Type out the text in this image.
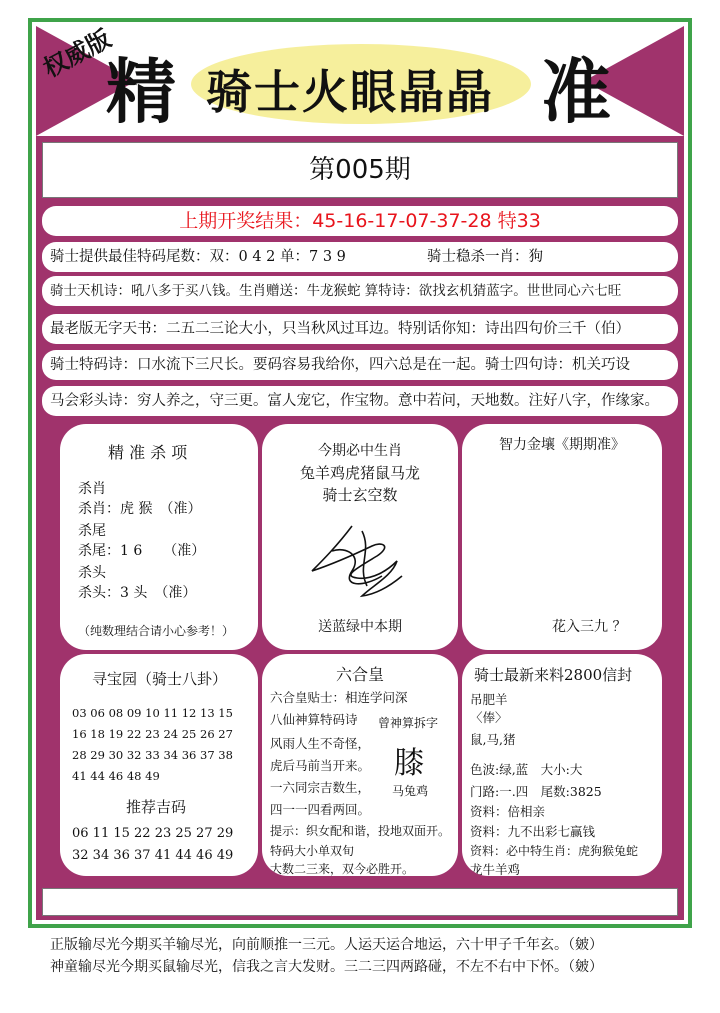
权威版
精 骑士火眼晶晶 准
第005期
上期开奖结果：45-16-17-07-37-28 特33
骑士提供最佳特码尾数：双：0 4 2 单：7 3 9	骑士稳杀一肖：狗
骑士天机诗：吼八多于买八钱。生肖赠送：牛龙猴蛇 算特诗：欲找玄机猜蓝字。世世同心六七旺
最老版无字天书：二五二三论大小，只当秋风过耳边。特别话你知：诗出四句价三千（伯）
骑士特码诗：口水流下三尺长。要码容易我给你，四六总是在一起。骑士四句诗：机关巧设
马会彩头诗：穷人养之，守三更。富人宠它，作宝物。意中若问，天地数。注好八字，作缘家。
精 准 杀 项
杀肖
杀肖：虎 猴　（准）
杀尾
杀尾：1 6　　（准）
杀头
杀头：3 头　（准）
（纯数理结合请小心参考！）
今期必中生肖
兔羊鸡虎猪鼠马龙
骑士玄空数
送蓝绿中本期
智力金壤《期期准》
花入三九 ？
寻宝园（骑士八卦）
03 06 08 09 10 11 12 13 15
16 18 19 22 23 24 25 26 27
28 29 30 32 33 34 36 37 38
41 44 46 48 49
推荐吉码
06 11 15 22 23 25 27 29
32 34 36 37 41 44 46 49
六合皇
六合皇贴士：相连学问深
八仙神算特码诗
风雨人生不奇怪，
虎后马前当开来。
一六同宗吉数生，
四一一四看两回。
曾神算拆字
膝
马兔鸡
提示：织女配和谐，投地双面开。
特码大小单双旬
大数二三来，双今必胜开。
骑士最新来料2800信封
吊肥羊
〈俸〉
鼠,马,猪
色波:绿,蓝　大小:大
门路:一.四　尾数:3825
资料：倍相亲
资料：九不出彩七赢钱
资料：必中特生肖：虎狗猴兔蛇
龙牛羊鸡
正版输尽光今期买羊输尽光，向前顺推一三元。人运天运合地运，六十甲子千年玄。（皴）
神童输尽光今期买鼠输尽光，信我之言大发财。三二三四两路碰，不左不右中下怀。（皴）
